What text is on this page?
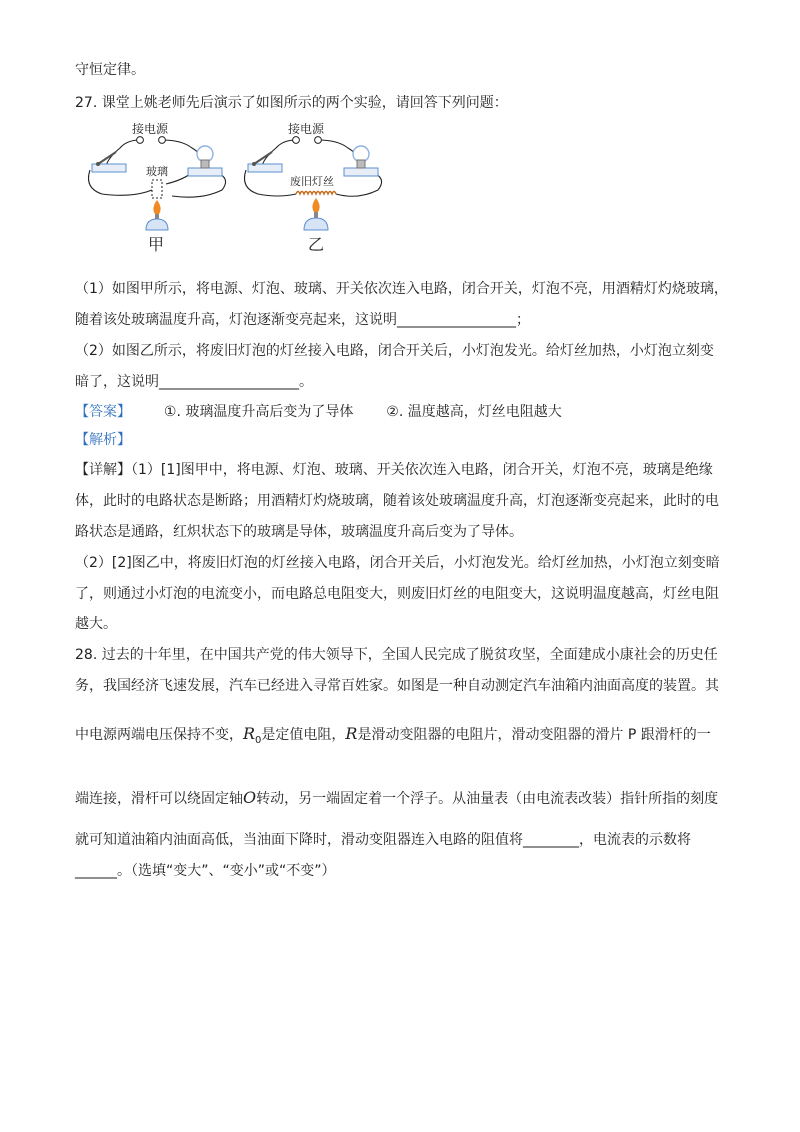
守恒定律。
27. 课堂上姚老师先后演示了如图所示的两个实验，请回答下列问题：
接电源
玻璃
甲
接电源
废旧灯丝
乙
（1）如图甲所示，将电源、灯泡、玻璃、开关依次连入电路，闭合开关，灯泡不亮，用酒精灯灼烧玻璃，
随着该处玻璃温度升高，灯泡逐渐变亮起来，这说明_________________；
（2）如图乙所示，将废旧灯泡的灯丝接入电路，闭合开关后，小灯泡发光。给灯丝加热，小灯泡立刻变
暗了，这说明____________________。
【答案】 ①. 玻璃温度升高后变为了导体 ②. 温度越高，灯丝电阻越大
【解析】
【详解】（1）[1]图甲中，将电源、灯泡、玻璃、开关依次连入电路，闭合开关，灯泡不亮，玻璃是绝缘
体，此时的电路状态是断路；用酒精灯灼烧玻璃，随着该处玻璃温度升高，灯泡逐渐变亮起来，此时的电
路状态是通路，红炽状态下的玻璃是导体，玻璃温度升高后变为了导体。
（2）[2]图乙中，将废旧灯泡的灯丝接入电路，闭合开关后，小灯泡发光。给灯丝加热，小灯泡立刻变暗
了，则通过小灯泡的电流变小，而电路总电阻变大，则废旧灯丝的电阻变大，这说明温度越高，灯丝电阻
越大。
28. 过去的十年里，在中国共产党的伟大领导下，全国人民完成了脱贫攻坚，全面建成小康社会的历史任
务，我国经济飞速发展，汽车已经进入寻常百姓家。如图是一种自动测定汽车油箱内油面高度的装置。其
中电源两端电压保持不变，$R_0$是定值电阻，R是滑动变阻器的电阻片，滑动变阻器的滑片 P 跟滑杆的一
端连接，滑杆可以绕固定轴O转动，另一端固定着一个浮子。从油量表（由电流表改装）指针所指的刻度
就可知道油箱内油面高低，当油面下降时，滑动变阻器连入电路的阻值将________，电流表的示数将
______。（选填“变大”、“变小”或“不变”）
